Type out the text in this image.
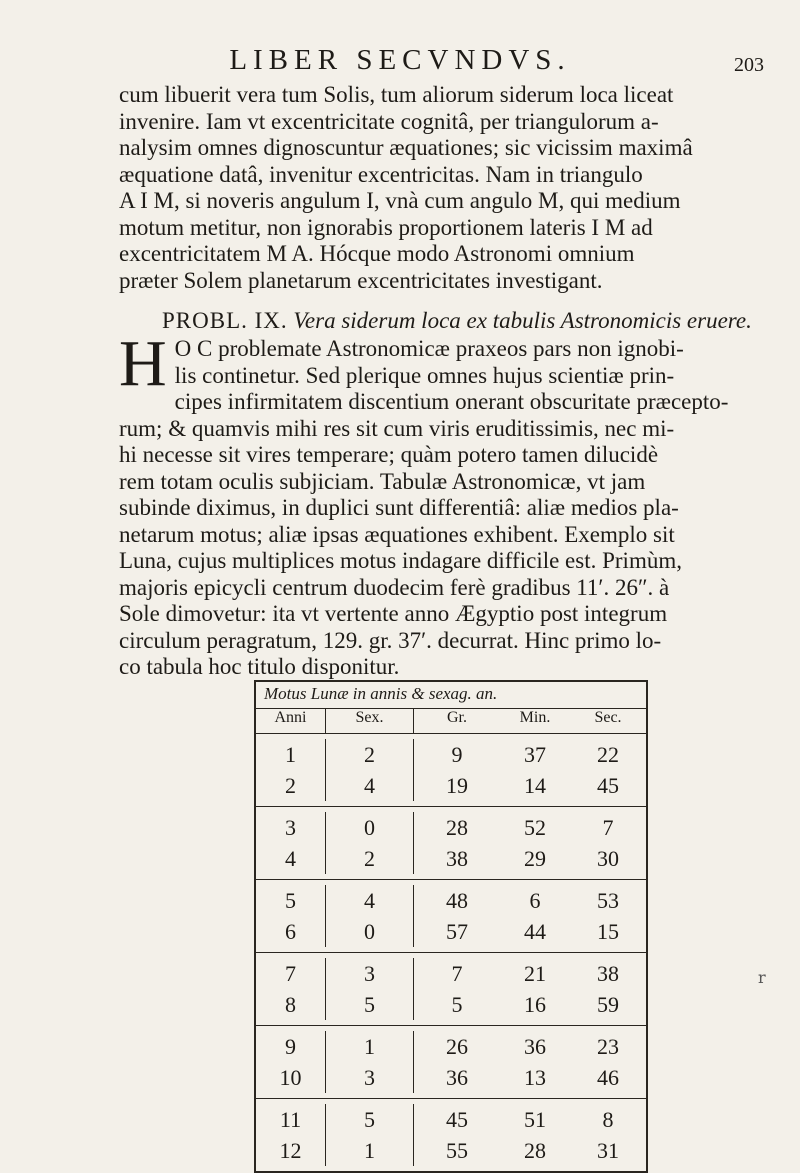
LIBER SECVNDVS.	203
cum libuerit vera tum Solis, tum aliorum siderum loca liceat
invenire. Iam vt excentricitate cognitâ, per triangulorum a-
nalysim omnes dignoscuntur æquationes; sic vicissim maximâ
æquatione datâ, invenitur excentricitas. Nam in triangulo
A I M, si noveris angulum I, vnà cum angulo M, qui medium
motum metitur, non ignorabis proportionem lateris I M ad
excentricitatem M A. Hócque modo Astronomi omnium
præter Solem planetarum excentricitates investigant.
PROBL. IX. Vera siderum loca ex tabulis Astronomicis eruere.
H O C problemate Astronomicæ praxeos pars non ignobi-
lis continetur. Sed plerique omnes hujus scientiæ prin-
cipes infirmitatem discentium onerant obscuritate præcepto-
rum; & quamvis mihi res sit cum viris eruditissimis, nec mi-
hi necesse sit vires temperare; quàm potero tamen dilucidè
rem totam oculis subjiciam. Tabulæ Astronomicæ, vt jam
subinde diximus, in duplici sunt differentiâ: aliæ medios pla-
netarum motus; aliæ ipsas æquationes exhibent. Exemplo sit
Luna, cujus multiplices motus indagare difficile est. Primùm,
majoris epicycli centrum duodecim ferè gradibus 11′. 26″. à
Sole dimovetur: ita vt vertente anno Ægyptio post integrum
circulum peragratum, 129. gr. 37′. decurrat. Hinc primo lo-
co tabula hoc titulo disponitur.
Motus Lunæ in annis & sexag. an.
Anni	Sex.	Gr.	Min.	Sec.
1	2	9	37	22
2	4	19	14	45
3	0	28	52	7
4	2	38	29	30
5	4	48	6	53
6	0	57	44	15
7	3	7	21	38
8	5	5	16	59
9	1	26	36	23
10	3	36	13	46
11	5	45	51	8
12	1	55	28	31
r
